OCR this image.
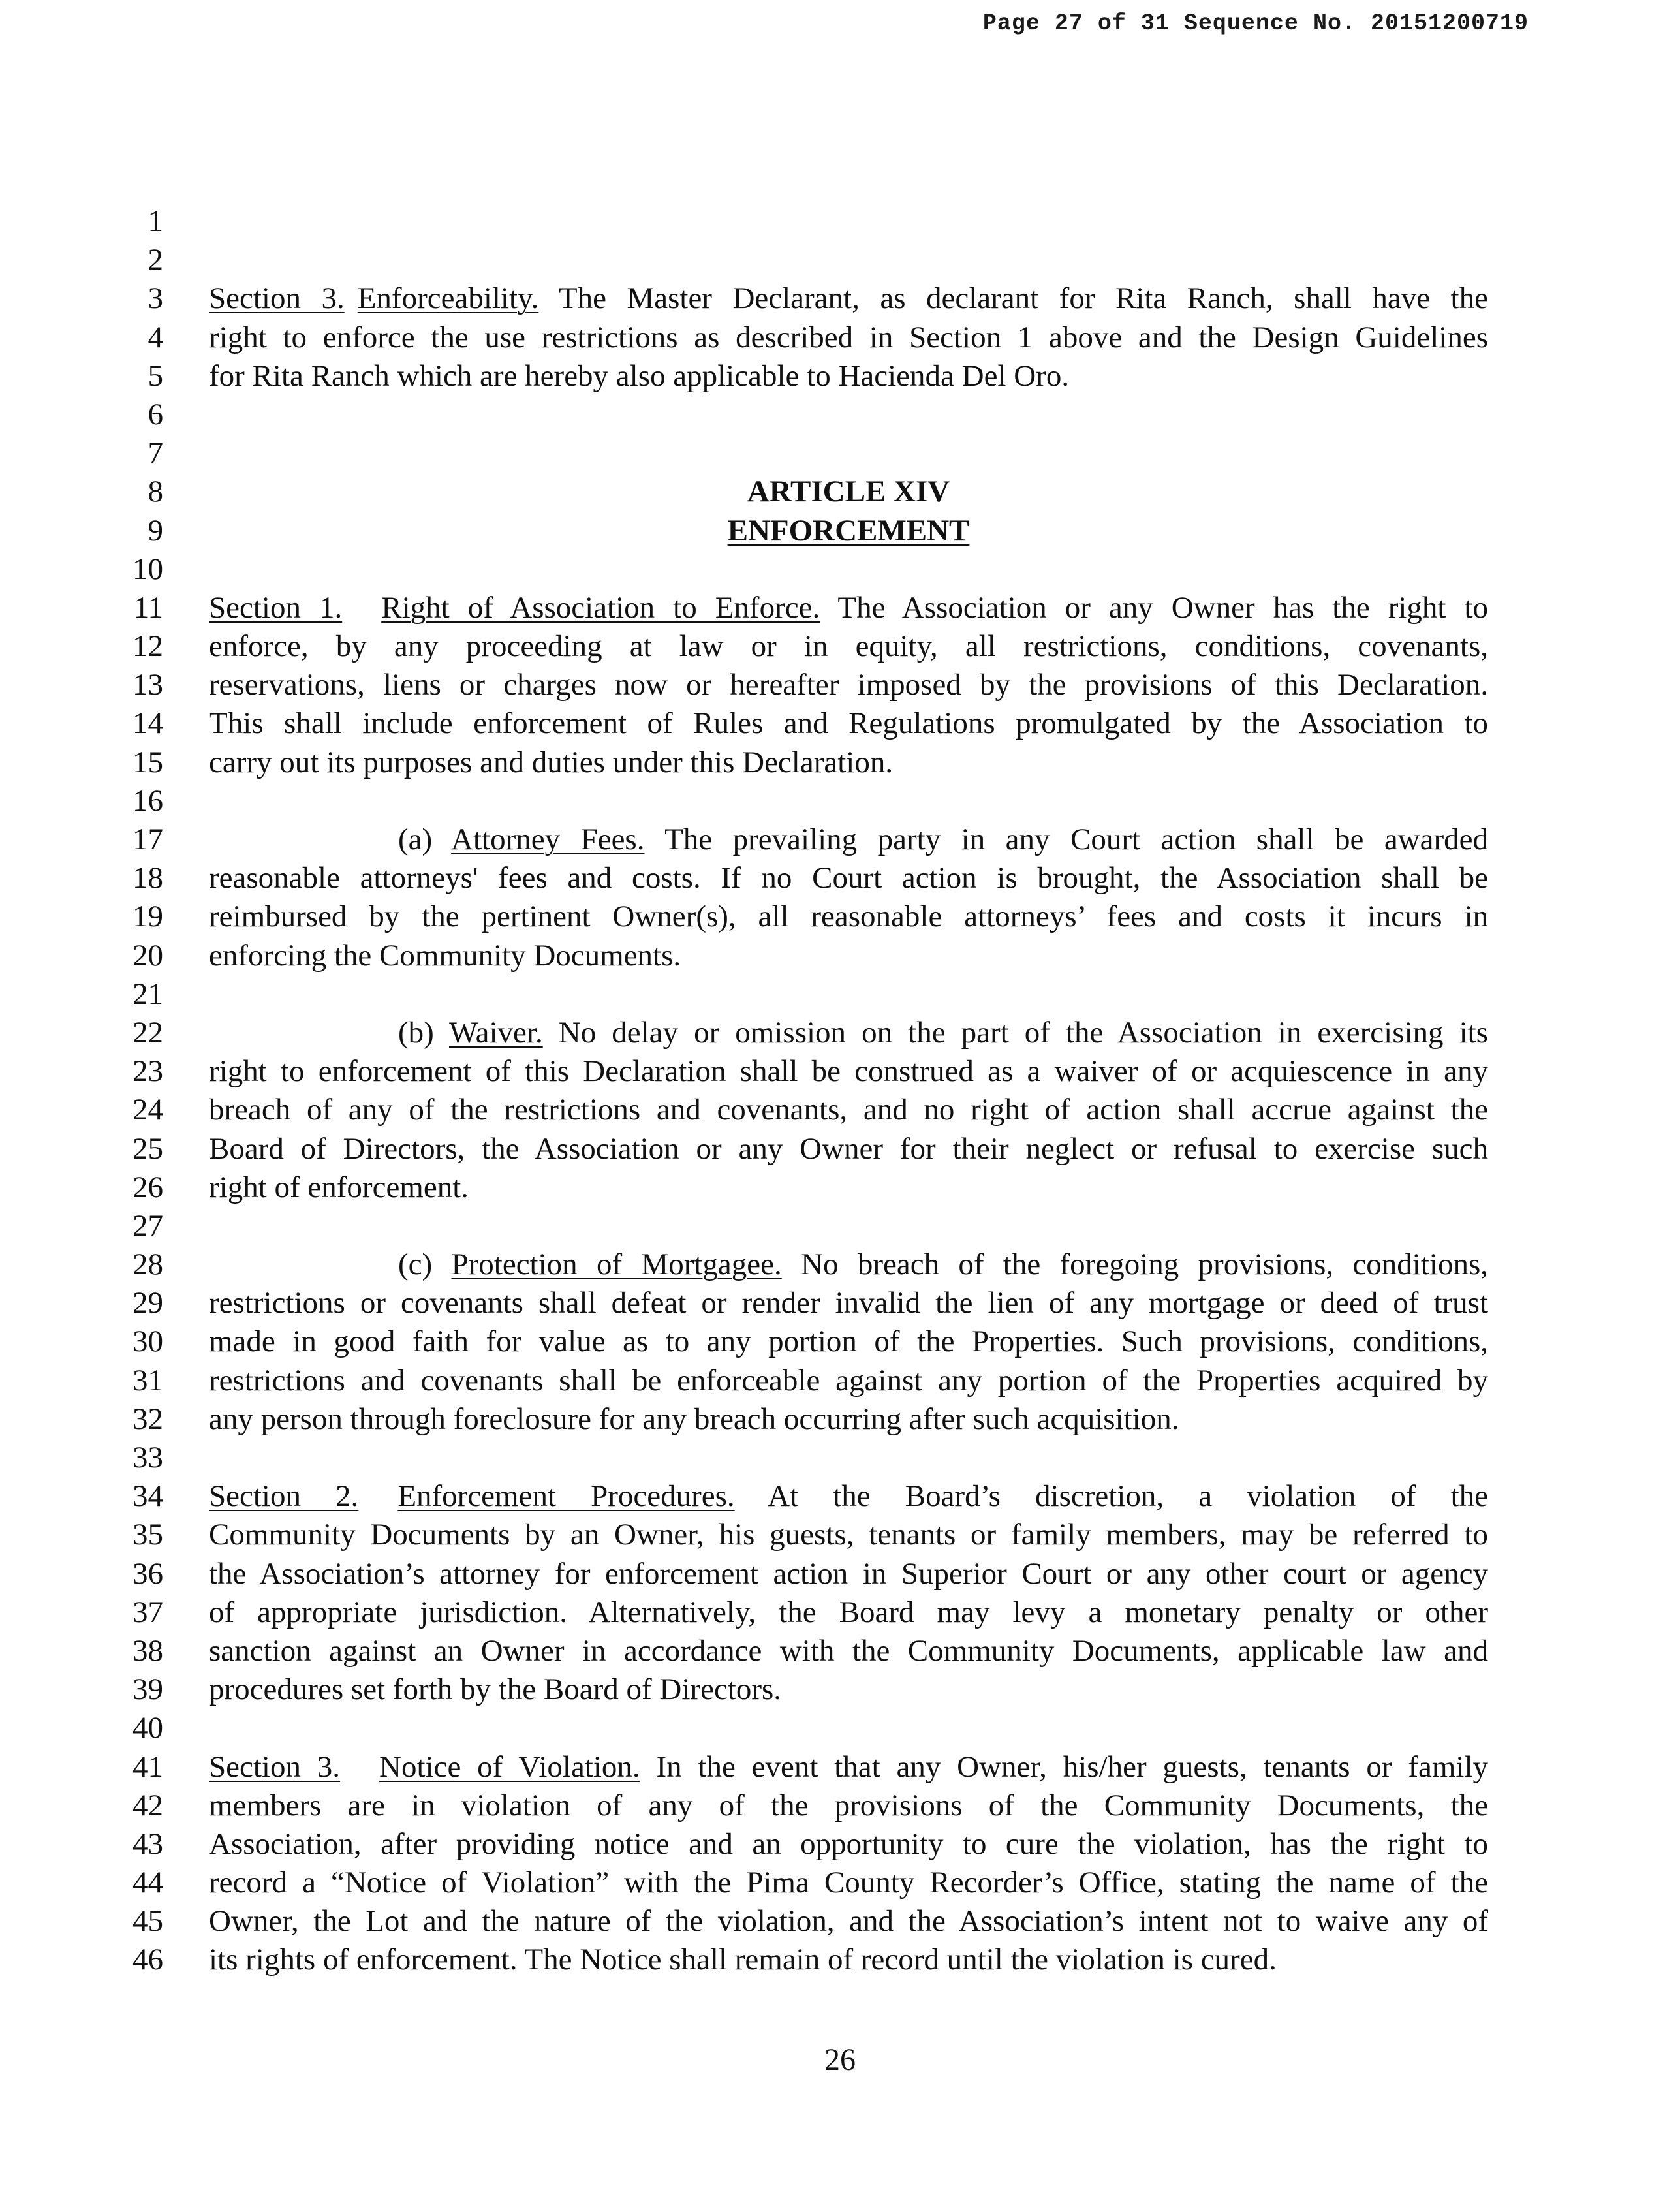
Page 27 of 31 Sequence No. 20151200719
1
2
3
4
5
6
7
8
9
10
11
12
13
14
15
16
17
18
19
20
21
22
23
24
25
26
27
28
29
30
31
32
33
34
35
36
37
38
39
40
41
42
43
44
45
46
Section 3. Enforceability. The Master Declarant, as declarant for Rita Ranch, shall have the
right to enforce the use restrictions as described in Section 1 above and the Design Guidelines
for Rita Ranch which are hereby also applicable to Hacienda Del Oro.
ARTICLE XIV
ENFORCEMENT
Section 1. Right of Association to Enforce. The Association or any Owner has the right to
enforce, by any proceeding at law or in equity, all restrictions, conditions, covenants,
reservations, liens or charges now or hereafter imposed by the provisions of this Declaration.
This shall include enforcement of Rules and Regulations promulgated by the Association to
carry out its purposes and duties under this Declaration.
(a) Attorney Fees. The prevailing party in any Court action shall be awarded
reasonable attorneys' fees and costs. If no Court action is brought, the Association shall be
reimbursed by the pertinent Owner(s), all reasonable attorneys’ fees and costs it incurs in
enforcing the Community Documents.
(b) Waiver. No delay or omission on the part of the Association in exercising its
right to enforcement of this Declaration shall be construed as a waiver of or acquiescence in any
breach of any of the restrictions and covenants, and no right of action shall accrue against the
Board of Directors, the Association or any Owner for their neglect or refusal to exercise such
right of enforcement.
(c) Protection of Mortgagee. No breach of the foregoing provisions, conditions,
restrictions or covenants shall defeat or render invalid the lien of any mortgage or deed of trust
made in good faith for value as to any portion of the Properties. Such provisions, conditions,
restrictions and covenants shall be enforceable against any portion of the Properties acquired by
any person through foreclosure for any breach occurring after such acquisition.
Section 2. Enforcement Procedures. At the Board’s discretion, a violation of the
Community Documents by an Owner, his guests, tenants or family members, may be referred to
the Association’s attorney for enforcement action in Superior Court or any other court or agency
of appropriate jurisdiction. Alternatively, the Board may levy a monetary penalty or other
sanction against an Owner in accordance with the Community Documents, applicable law and
procedures set forth by the Board of Directors.
Section 3. Notice of Violation. In the event that any Owner, his/her guests, tenants or family
members are in violation of any of the provisions of the Community Documents, the
Association, after providing notice and an opportunity to cure the violation, has the right to
record a “Notice of Violation” with the Pima County Recorder’s Office, stating the name of the
Owner, the Lot and the nature of the violation, and the Association’s intent not to waive any of
its rights of enforcement. The Notice shall remain of record until the violation is cured.
26
